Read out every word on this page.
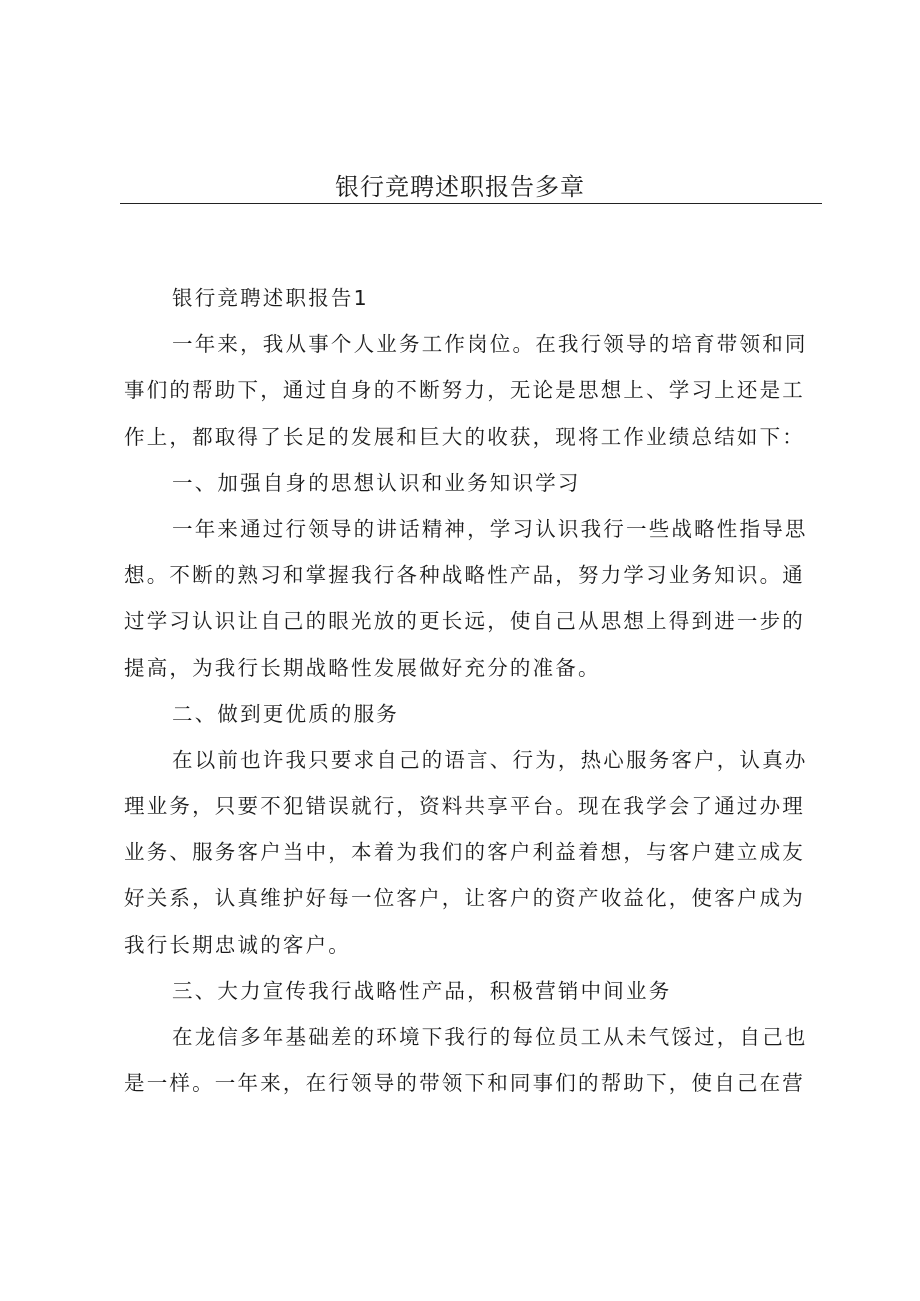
银行竞聘述职报告多章
银行竞聘述职报告1
一年来，我从事个人业务工作岗位。在我行领导的培育带领和同
事们的帮助下，通过自身的不断努力，无论是思想上、学习上还是工
作上，都取得了长足的发展和巨大的收获，现将工作业绩总结如下：
一、加强自身的思想认识和业务知识学习
一年来通过行领导的讲话精神，学习认识我行一些战略性指导思
想。不断的熟习和掌握我行各种战略性产品，努力学习业务知识。通
过学习认识让自己的眼光放的更长远，使自己从思想上得到进一步的
提高，为我行长期战略性发展做好充分的准备。
二、做到更优质的服务
在以前也许我只要求自己的语言、行为，热心服务客户，认真办
理业务，只要不犯错误就行，资料共享平台。现在我学会了通过办理
业务、服务客户当中，本着为我们的客户利益着想，与客户建立成友
好关系，认真维护好每一位客户，让客户的资产收益化，使客户成为
我行长期忠诚的客户。
三、大力宣传我行战略性产品，积极营销中间业务
在龙信多年基础差的环境下我行的每位员工从未气馁过，自己也
是一样。一年来，在行领导的带领下和同事们的帮助下，使自己在营
